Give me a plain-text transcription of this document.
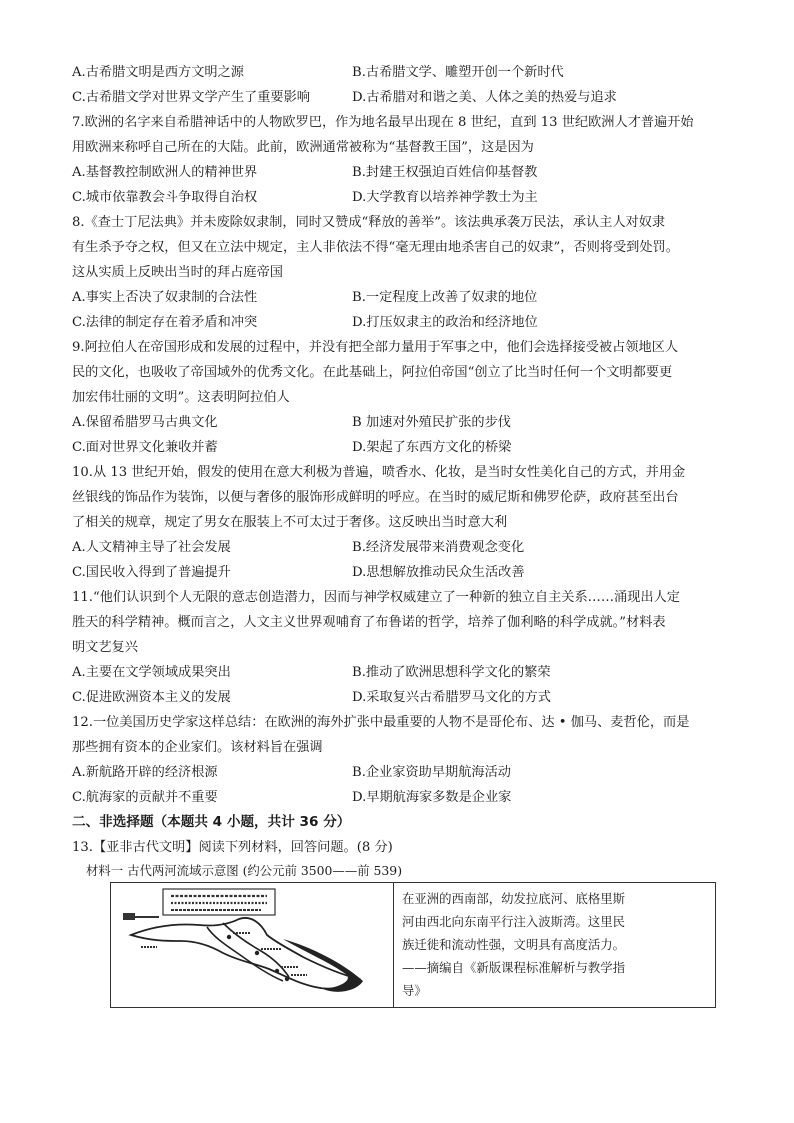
A.古希腊文明是西方文明之源	B.古希腊文学、雕塑开创一个新时代
C.古希腊文学对世界文学产生了重要影响	D.古希腊对和谐之美、人体之美的热爱与追求
7.欧洲的名字来自希腊神话中的人物欧罗巴，作为地名最早出现在 8 世纪，直到 13 世纪欧洲人才普遍开始
用欧洲来称呼自己所在的大陆。此前，欧洲通常被称为“基督教王国”，这是因为
A.基督教控制欧洲人的精神世界	B.封建王权强迫百姓信仰基督教
C.城市依靠教会斗争取得自治权	D.大学教育以培养神学教士为主
8.《查士丁尼法典》并未废除奴隶制，同时又赞成“释放的善举”。该法典承袭万民法，承认主人对奴隶
有生杀予夺之权，但又在立法中规定，主人非依法不得“毫无理由地杀害自己的奴隶”，否则将受到处罚。
这从实质上反映出当时的拜占庭帝国
A.事实上否决了奴隶制的合法性	B.一定程度上改善了奴隶的地位
C.法律的制定存在着矛盾和冲突	D.打压奴隶主的政治和经济地位
9.阿拉伯人在帝国形成和发展的过程中，并没有把全部力量用于军事之中，他们会选择接受被占领地区人
民的文化，也吸收了帝国域外的优秀文化。在此基础上，阿拉伯帝国“创立了比当时任何一个文明都要更
加宏伟壮丽的文明”。这表明阿拉伯人
A.保留希腊罗马古典文化	B 加速对外殖民扩张的步伐
C.面对世界文化兼收并蓄	D.架起了东西方文化的桥梁
10.从 13 世纪开始，假发的使用在意大利极为普遍，喷香水、化妆，是当时女性美化自己的方式，并用金
丝银线的饰品作为装饰，以便与奢侈的服饰形成鲜明的呼应。在当时的威尼斯和佛罗伦萨，政府甚至出台
了相关的规章，规定了男女在服装上不可太过于奢侈。这反映出当时意大利
A.人文精神主导了社会发展	B.经济发展带来消费观念变化
C.国民收入得到了普遍提升	D.思想解放推动民众生活改善
11.“他们认识到个人无限的意志创造潜力，因而与神学权威建立了一种新的独立自主关系……涌现出人定
胜天的科学精神。概而言之，人文主义世界观哺育了布鲁诺的哲学，培养了伽利略的科学成就。”材料表
明文艺复兴
A.主要在文学领域成果突出	B.推动了欧洲思想科学文化的繁荣
C.促进欧洲资本主义的发展	D.采取复兴古希腊罗马文化的方式
12.一位美国历史学家这样总结：在欧洲的海外扩张中最重要的人物不是哥伦布、达 • 伽马、麦哲伦，而是
那些拥有资本的企业家们。该材料旨在强调
A.新航路开辟的经济根源	B.企业家资助早期航海活动
C.航海家的贡献并不重要	D.早期航海家多数是企业家
二、非选择题（本题共 4 小题，共计 36 分）
13.【亚非古代文明】阅读下列材料，回答问题。(8 分)
材料一 古代两河流域示意图 (约公元前 3500——前 539)
在亚洲的西南部，幼发拉底河、底格里斯
河由西北向东南平行注入波斯湾。这里民
族迁徙和流动性强，文明具有高度活力。
——摘编自《新版课程标准解析与教学指
导》
